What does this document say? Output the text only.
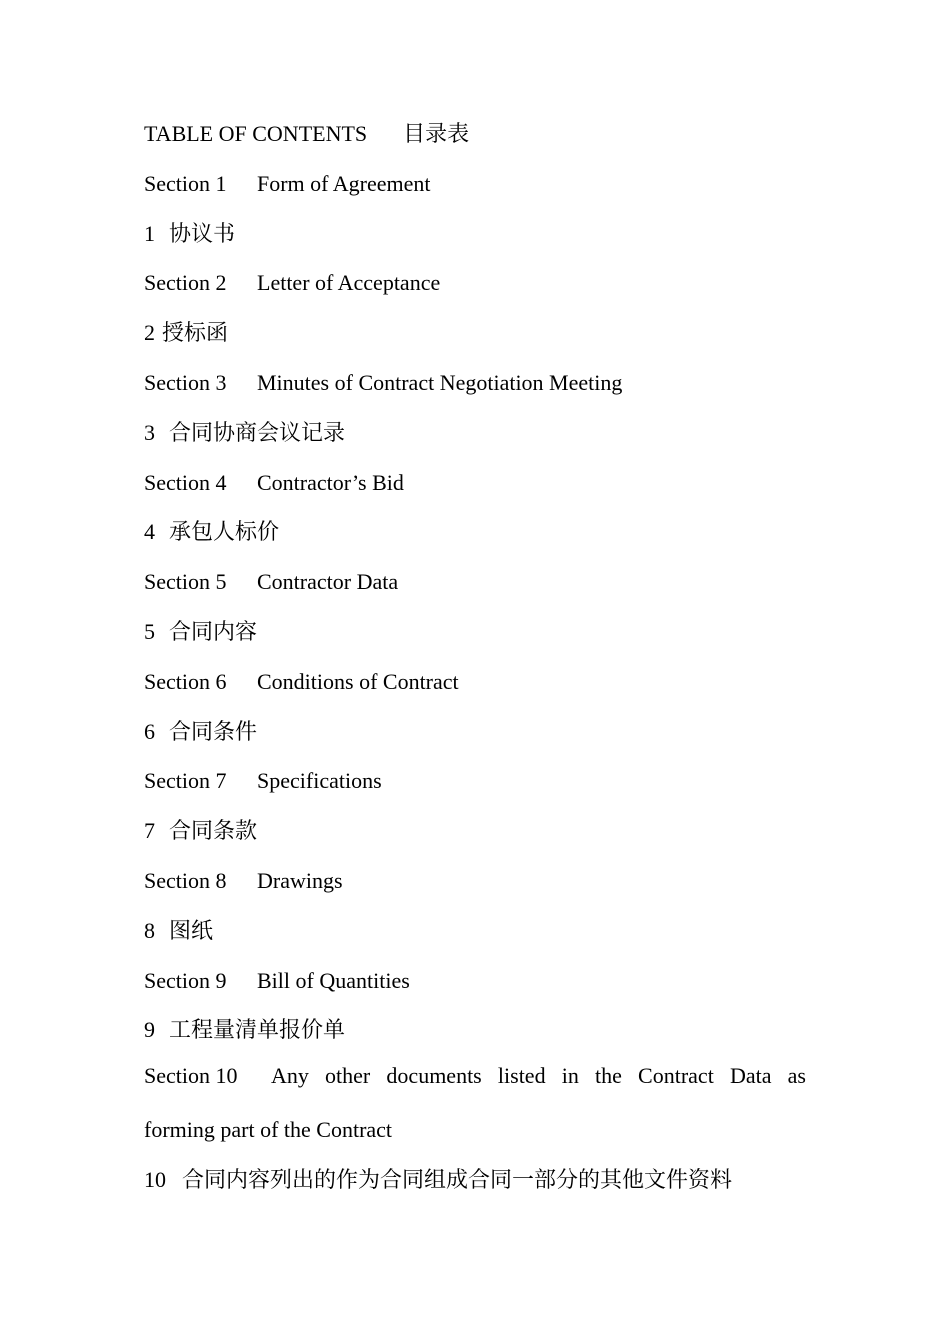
TABLE OF CONTENTS 目录表
Section 1 Form of Agreement
1 协议书
Section 2 Letter of Acceptance
2 授标函
Section 3 Minutes of Contract Negotiation Meeting
3 合同协商会议记录
Section 4 Contractor’s Bid
4 承包人标价
Section 5 Contractor Data
5 合同内容
Section 6 Conditions of Contract
6 合同条件
Section 7 Specifications
7 合同条款
Section 8 Drawings
8 图纸
Section 9 Bill of Quantities
9 工程量清单报价单
Section 10 Any other documents listed in the Contract Data as
forming part of the Contract
10 合同内容列出的作为合同组成合同一部分的其他文件资料
